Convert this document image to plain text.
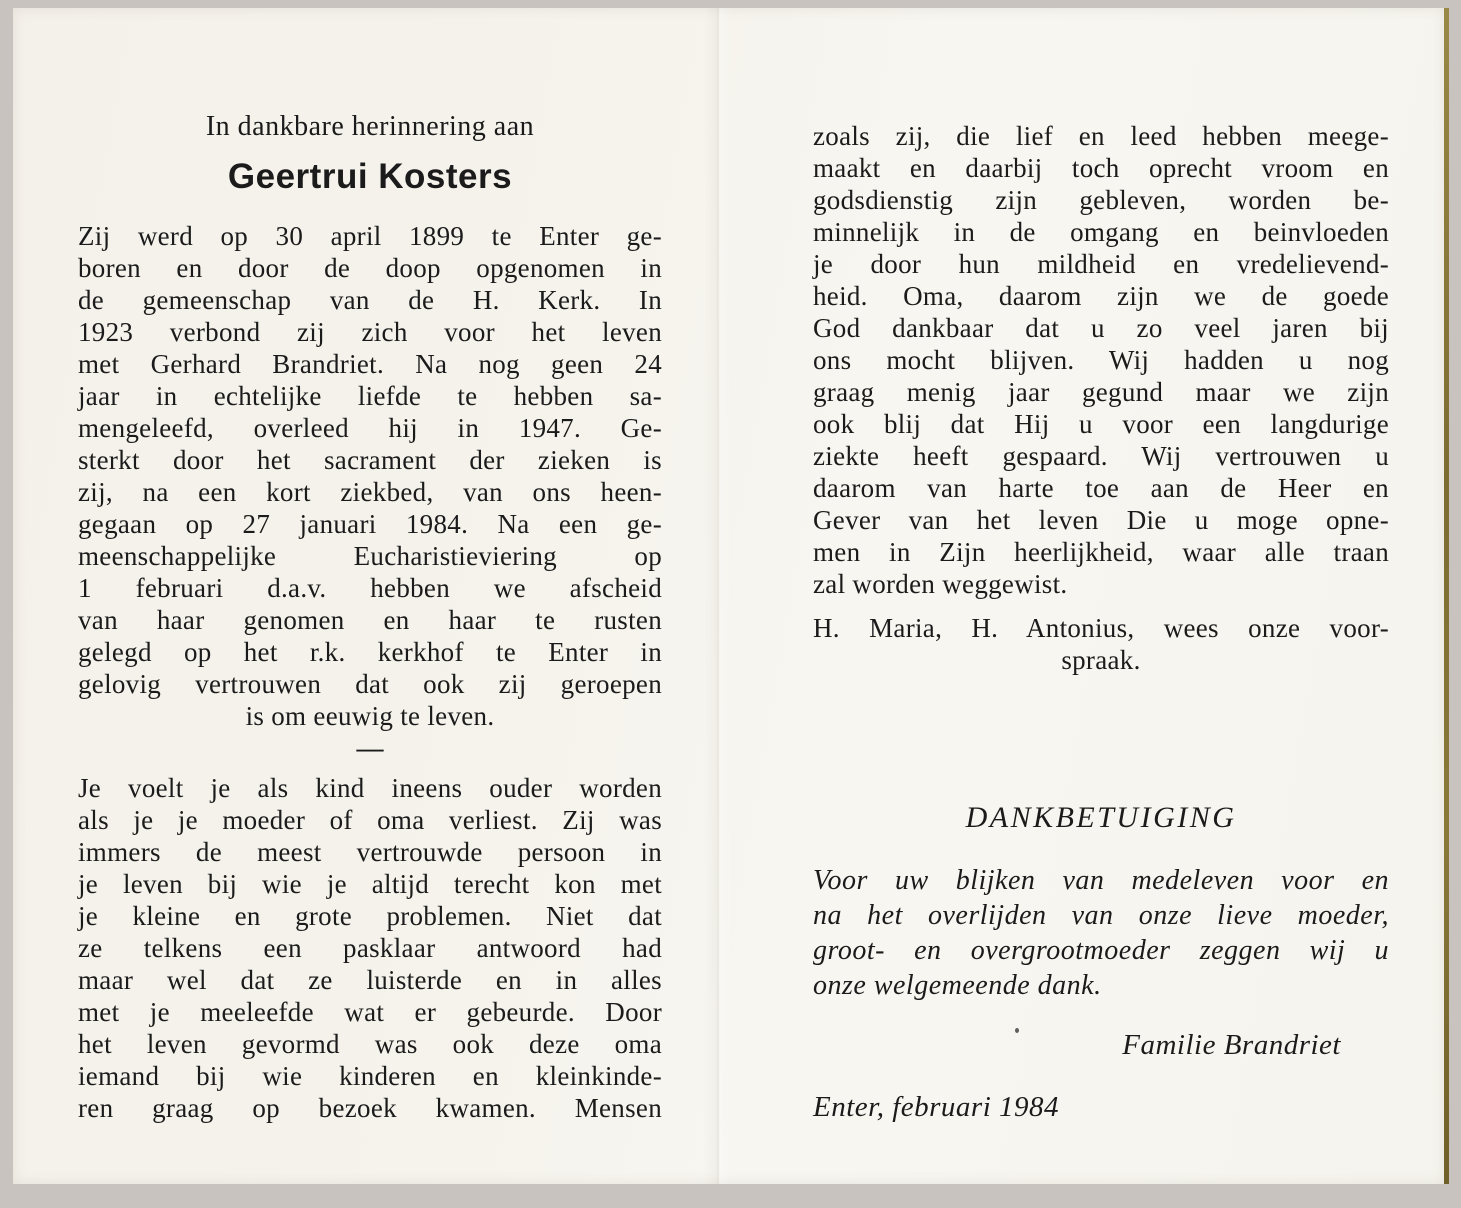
In dankbare herinnering aan
Geertrui Kosters
Zij werd op 30 april 1899 te Enter ge-
boren en door de doop opgenomen in
de gemeenschap van de H. Kerk. In
1923 verbond zij zich voor het leven
met Gerhard Brandriet. Na nog geen 24
jaar in echtelijke liefde te hebben sa-
mengeleefd, overleed hij in 1947. Ge-
sterkt door het sacrament der zieken is
zij, na een kort ziekbed, van ons heen-
gegaan op 27 januari 1984. Na een ge-
meenschappelijke Eucharistieviering op
1 februari d.a.v. hebben we afscheid
van haar genomen en haar te rusten
gelegd op het r.k. kerkhof te Enter in
gelovig vertrouwen dat ook zij geroepen
is om eeuwig te leven.
—
Je voelt je als kind ineens ouder worden
als je je moeder of oma verliest. Zij was
immers de meest vertrouwde persoon in
je leven bij wie je altijd terecht kon met
je kleine en grote problemen. Niet dat
ze telkens een pasklaar antwoord had
maar wel dat ze luisterde en in alles
met je meeleefde wat er gebeurde. Door
het leven gevormd was ook deze oma
iemand bij wie kinderen en kleinkinde-
ren graag op bezoek kwamen. Mensen
zoals zij, die lief en leed hebben meege-
maakt en daarbij toch oprecht vroom en
godsdienstig zijn gebleven, worden be-
minnelijk in de omgang en beinvloeden
je door hun mildheid en vredelievend-
heid. Oma, daarom zijn we de goede
God dankbaar dat u zo veel jaren bij
ons mocht blijven. Wij hadden u nog
graag menig jaar gegund maar we zijn
ook blij dat Hij u voor een langdurige
ziekte heeft gespaard. Wij vertrouwen u
daarom van harte toe aan de Heer en
Gever van het leven Die u moge opne-
men in Zijn heerlijkheid, waar alle traan
zal worden weggewist.
H. Maria, H. Antonius, wees onze voor-
spraak.
DANKBETUIGING
Voor uw blijken van medeleven voor en
na het overlijden van onze lieve moeder,
groot- en overgrootmoeder zeggen wij u
onze welgemeende dank.
Familie Brandriet
Enter, februari 1984
